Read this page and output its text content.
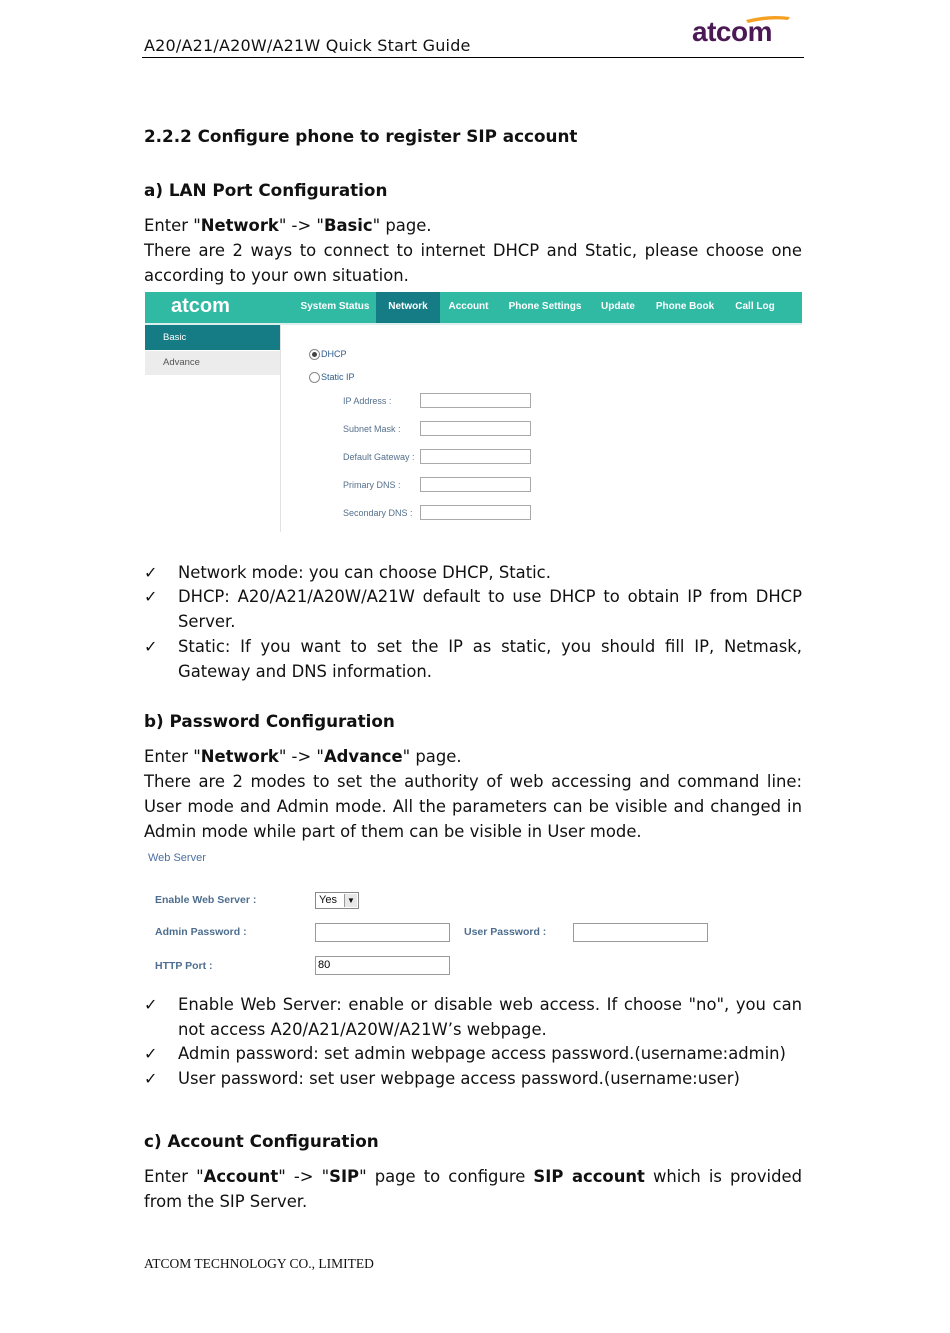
A20/A21/A20W/A21W Quick Start Guide	atcom
2.2.2 Configure phone to register SIP account
a) LAN Port Configuration
Enter "Network" -> "Basic" page.
There are 2 ways to connect to internet DHCP and Static, please choose one according to your own situation.
atcom	System Status	Network	Account	Phone Settings	Update	Phone Book	Call Log
Basic
Advance
DHCP
Static IP
IP Address :
Subnet Mask :
Default Gateway :
Primary DNS :
Secondary DNS :
✓ Network mode: you can choose DHCP, Static.
✓ DHCP: A20/A21/A20W/A21W default to use DHCP to obtain IP from DHCP Server.
✓ Static: If you want to set the IP as static, you should fill IP, Netmask, Gateway and DNS information.
b) Password Configuration
Enter "Network" -> "Advance" page.
There are 2 modes to set the authority of web accessing and command line: User mode and Admin mode. All the parameters can be visible and changed in Admin mode while part of them can be visible in User mode.
Web Server
Enable Web Server :	Yes	▼
Admin Password :	User Password :
HTTP Port :	80
✓ Enable Web Server: enable or disable web access. If choose "no", you can not access A20/A21/A20W/A21W’s webpage.
✓ Admin password: set admin webpage access password.(username:admin)
✓ User password: set user webpage access password.(username:user)
c) Account Configuration
Enter "Account" -> "SIP" page to configure SIP account which is provided from the SIP Server.
ATCOM TECHNOLOGY CO., LIMITED
